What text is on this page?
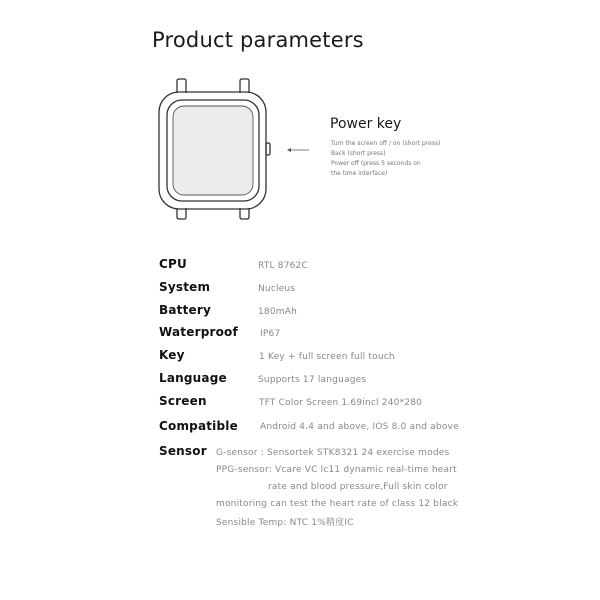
Product parameters
Power key
Turn the screen off / on (short press)
Back (short press)
Power off (press 5 seconds on
the time interface)
CPU	RTL 8762C
System	Nucleus
Battery	180mAh
Waterproof IP67
Key	1 Key + full screen full touch
Language	Supports 17 languages
Screen	TFT Color Screen 1.69incl 240*280
Compatible Android 4.4 and above, IOS 8.0 and above
Sensor G-sensor : Sensortek STK8321 24 exercise modes
PPG-sensor: Vcare VC lc11 dynamic real-time heart
rate and blood pressure,Full skin color
monitoring can test the heart rate of class 12 black
Sensible Temp: NTC 1%精度IC
